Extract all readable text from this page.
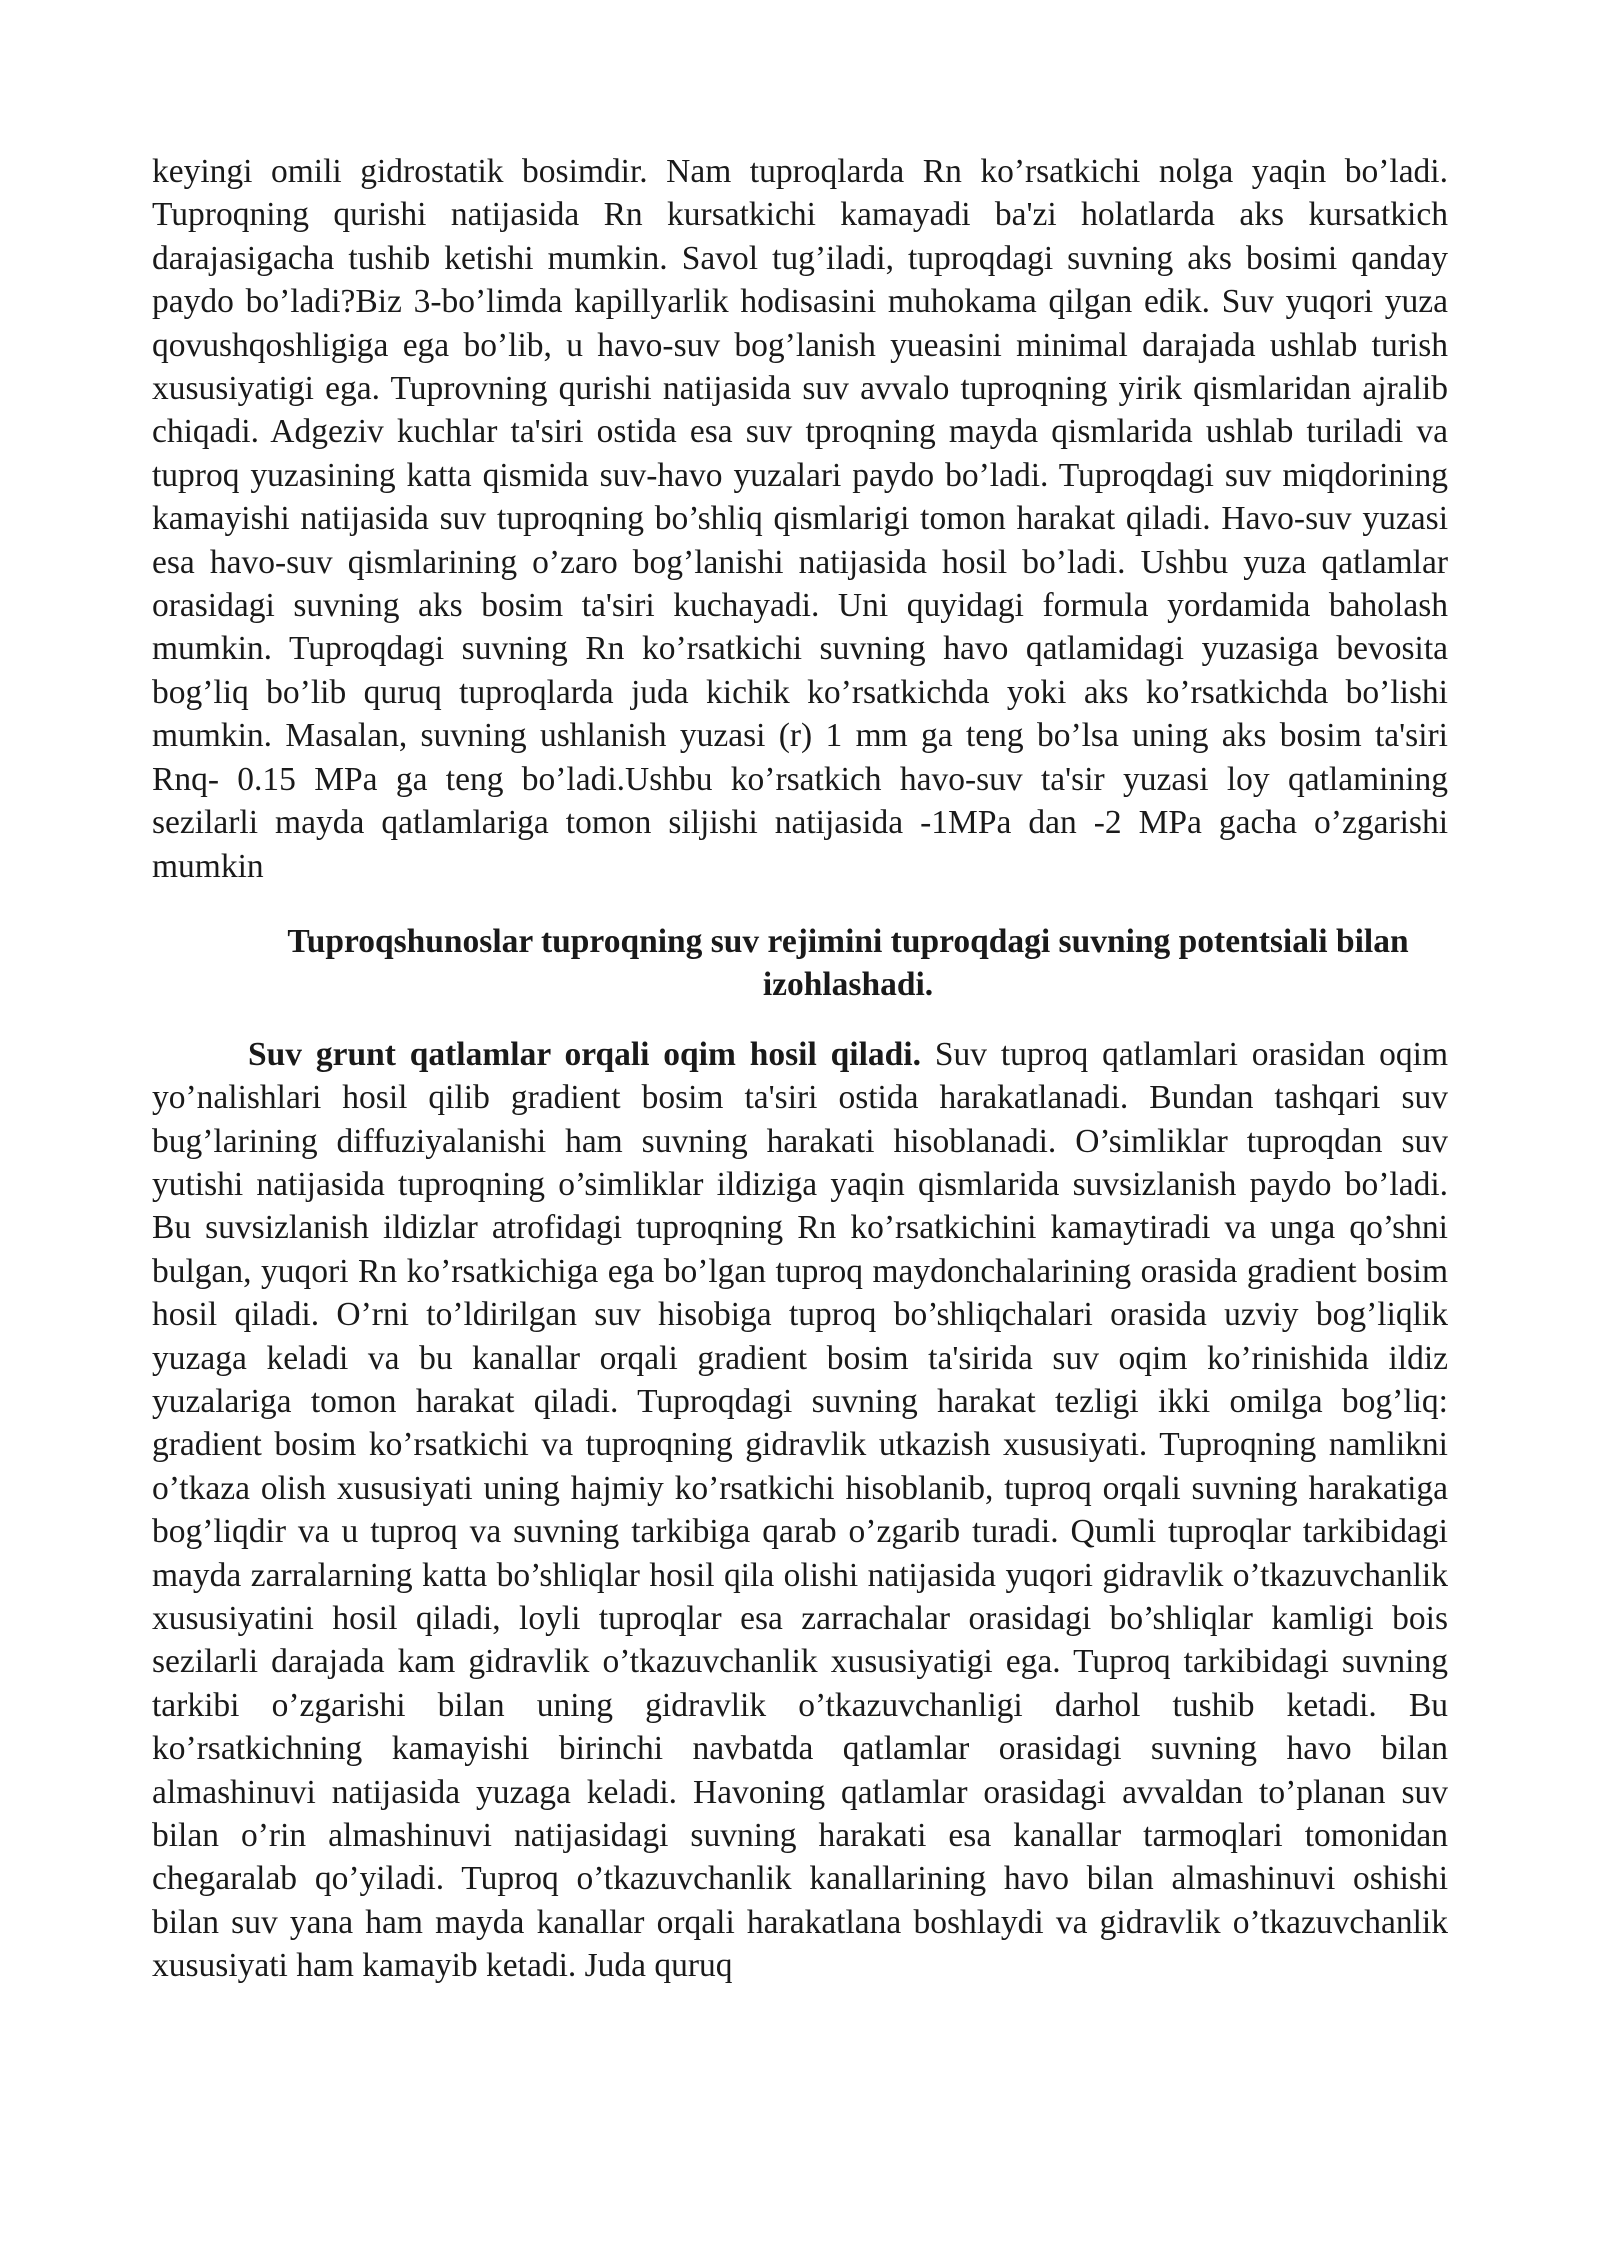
keyingi omili gidrostatik bosimdir. Nam tuproqlarda Rn ko’rsatkichi nolga yaqin bo’ladi. Tuproqning qurishi natijasida Rn kursatkichi kamayadi ba'zi holatlarda aks kursatkich darajasigacha tushib ketishi mumkin. Savol tug’iladi, tuproqdagi suvning aks bosimi qanday paydo bo’ladi?Biz 3-bo’limda kapillyarlik hodisasini muhokama qilgan edik. Suv yuqori yuza qovushqoshligiga ega bo’lib, u havo-suv bog’lanish yueasini minimal darajada ushlab turish xususiyatigi ega. Tuprovning qurishi natijasida suv avvalo tuproqning yirik qismlaridan ajralib chiqadi. Adgeziv kuchlar ta'siri ostida esa suv tproqning mayda qismlarida ushlab turiladi va tuproq yuzasining katta qismida suv-havo yuzalari paydo bo’ladi. Tuproqdagi suv miqdorining kamayishi natijasida suv tuproqning bo’shliq qismlarigi tomon harakat qiladi. Havo-suv yuzasi esa havo-suv qismlarining o’zaro bog’lanishi natijasida hosil bo’ladi. Ushbu yuza qatlamlar orasidagi suvning aks bosim ta'siri kuchayadi. Uni quyidagi formula yordamida baholash mumkin. Tuproqdagi suvning Rn ko’rsatkichi suvning havo qatlamidagi yuzasiga bevosita bog’liq bo’lib quruq tuproqlarda juda kichik ko’rsatkichda yoki aks ko’rsatkichda bo’lishi mumkin. Masalan, suvning ushlanish yuzasi (r) 1 mm ga teng bo’lsa uning aks bosim ta'siri Rnq- 0.15 MPa ga teng bo’ladi.Ushbu ko’rsatkich havo-suv ta'sir yuzasi loy qatlamining sezilarli mayda qatlamlariga tomon siljishi natijasida -1MPa dan -2 MPa gacha o’zgarishi mumkin

Tuproqshunoslar tuproqning suv rejimini tuproqdagi suvning potentsiali bilan izohlashadi.

Suv grunt qatlamlar orqali oqim hosil qiladi. Suv tuproq qatlamlari orasidan oqim yo’nalishlari hosil qilib gradient bosim ta'siri ostida harakatlanadi. Bundan tashqari suv bug’larining diffuziyalanishi ham suvning harakati hisoblanadi. O’simliklar tuproqdan suv yutishi natijasida tuproqning o’simliklar ildiziga yaqin qismlarida suvsizlanish paydo bo’ladi. Bu suvsizlanish ildizlar atrofidagi tuproqning Rn ko’rsatkichini kamaytiradi va unga qo’shni bulgan, yuqori Rn ko’rsatkichiga ega bo’lgan tuproq maydonchalarining orasida gradient bosim hosil qiladi. O’rni to’ldirilgan suv hisobiga tuproq bo’shliqchalari orasida uzviy bog’liqlik yuzaga keladi va bu kanallar orqali gradient bosim ta'sirida suv oqim ko’rinishida ildiz yuzalariga tomon harakat qiladi. Tuproqdagi suvning harakat tezligi ikki omilga bog’liq: gradient bosim ko’rsatkichi va tuproqning gidravlik utkazish xususiyati. Tuproqning namlikni o’tkaza olish xususiyati uning hajmiy ko’rsatkichi hisoblanib, tuproq orqali suvning harakatiga bog’liqdir va u tuproq va suvning tarkibiga qarab o’zgarib turadi. Qumli tuproqlar tarkibidagi mayda zarralarning katta bo’shliqlar hosil qila olishi natijasida yuqori gidravlik o’tkazuvchanlik xususiyatini hosil qiladi, loyli tuproqlar esa zarrachalar orasidagi bo’shliqlar kamligi bois sezilarli darajada kam gidravlik o’tkazuvchanlik xususiyatigi ega. Tuproq tarkibidagi suvning tarkibi o’zgarishi bilan uning gidravlik o’tkazuvchanligi darhol tushib ketadi. Bu ko’rsatkichning kamayishi birinchi navbatda qatlamlar orasidagi suvning havo bilan almashinuvi natijasida yuzaga keladi. Havoning qatlamlar orasidagi avvaldan to’planan suv bilan o’rin almashinuvi natijasidagi suvning harakati esa kanallar tarmoqlari tomonidan chegaralab qo’yiladi. Tuproq o’tkazuvchanlik kanallarining havo bilan almashinuvi oshishi bilan suv yana ham mayda kanallar orqali harakatlana boshlaydi va gidravlik o’tkazuvchanlik xususiyati ham kamayib ketadi. Juda quruq
